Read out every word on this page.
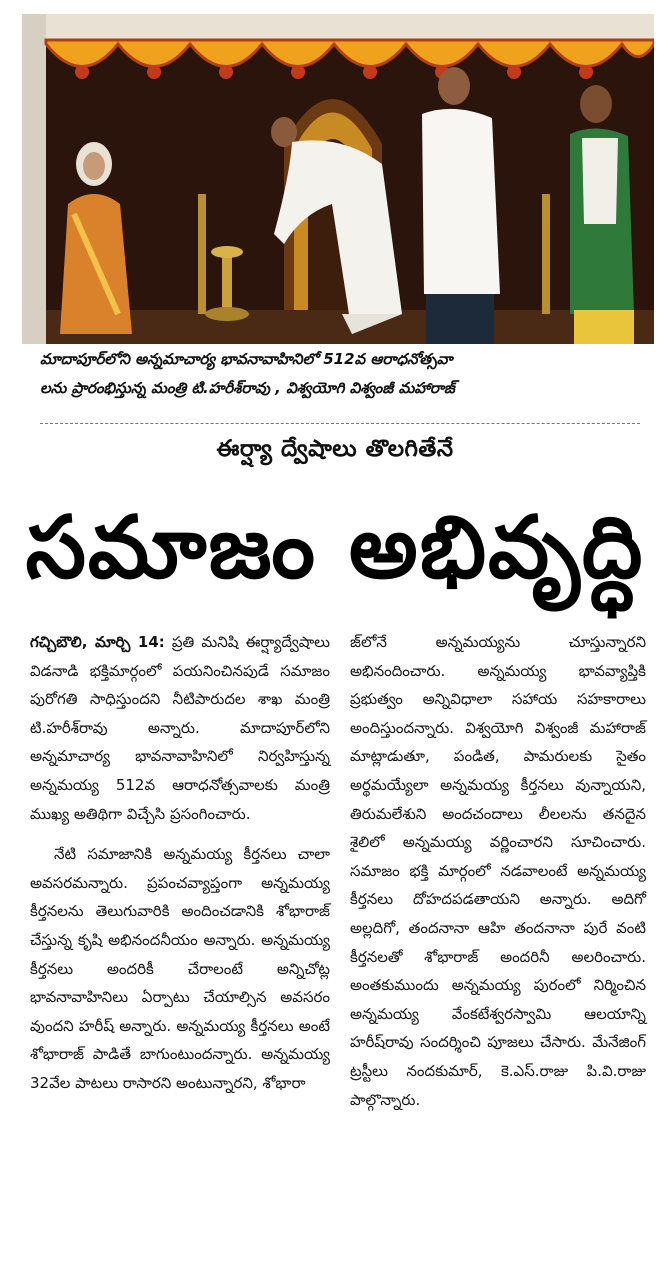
మాదాపూర్‌లోని అన్నమాచార్య భావనావాహినిలో 512వ ఆరాధనోత్సవా
లను ప్రారంభిస్తున్న మంత్రి టి.హరీశ్‌రావు , విశ్వయోగి విశ్వంజీ మహారాజ్
ఈర్ష్యా ద్వేషాలు తొలగితేనే
సమాజం అభివృద్ధి

గచ్చిబౌలి, మార్చి 14: ప్రతి మనిషి ఈర్ష్యాద్వేషాలు విడనాడి భక్తిమార్గంలో పయనించినపుడే సమాజం పురోగతి సాధిస్తుందని నీటిపారుదల శాఖ మంత్రి టి.హరీశ్‌రావు అన్నారు. మాదాపూర్‌లోని అన్నమాచార్య భావనావాహినిలో నిర్వహిస్తున్న అన్నమయ్య 512వ ఆరాధనోత్సవాలకు మంత్రి ముఖ్య అతిథిగా విచ్చేసి ప్రసంగించారు.

నేటి సమాజానికి అన్నమయ్య కీర్తనలు చాలా అవసరమన్నారు. ప్రపంచవ్యాప్తంగా అన్నమయ్య కీర్తనలను తెలుగువారికి అందించడానికి శోభారాజ్ చేస్తున్న కృషి అభినందనీయం అన్నారు. అన్నమయ్య కీర్తనలు అందరికీ చేరాలంటే అన్నిచోట్ల భావనావాహినిలు ఏర్పాటు చేయాల్సిన అవసరం వుందని హరీష్ అన్నారు. అన్నమయ్య కీర్తనలు అంటే శోభారాజ్ పాడితే బాగుంటుందన్నారు. అన్నమయ్య 32వేల పాటలు రాసారని అంటున్నారని, శోభారా

జ్‌లోనే అన్నమయ్యను చూస్తున్నారని అభినందించారు. అన్నమయ్య భావవ్యాప్తికి ప్రభుత్వం అన్నివిధాలా సహాయ సహకారాలు అందిస్తుందన్నారు. విశ్వయోగి విశ్వంజీ మహారాజ్ మాట్లాడుతూ, పండిత, పామరులకు సైతం అర్థమయ్యేలా అన్నమయ్య కీర్తనలు వున్నాయని, తిరుమలేశుని అందచందాలు లీలలను తనదైన శైలిలో అన్నమయ్య వర్ణించారని సూచించారు. సమాజం భక్తి మార్గంలో నడవాలంటే అన్నమయ్య కీర్తనలు దోహదపడతాయని అన్నారు. అదిగో అల్లదిగో, తందనానా ఆహి తందనానా పురే వంటి కీర్తనలతో శోభారాజ్ అందరినీ అలరించారు. అంతకుముందు అన్నమయ్య పురంలో నిర్మించిన అన్నమయ్య వేంకటేశ్వరస్వామి ఆలయాన్ని హరీష్‌రావు సందర్శించి పూజలు చేసారు. మేనేజింగ్ ట్రస్టీలు నందకుమార్, కె.ఎస్.రాజు పి.వి.రాజు పాల్గొన్నారు.
